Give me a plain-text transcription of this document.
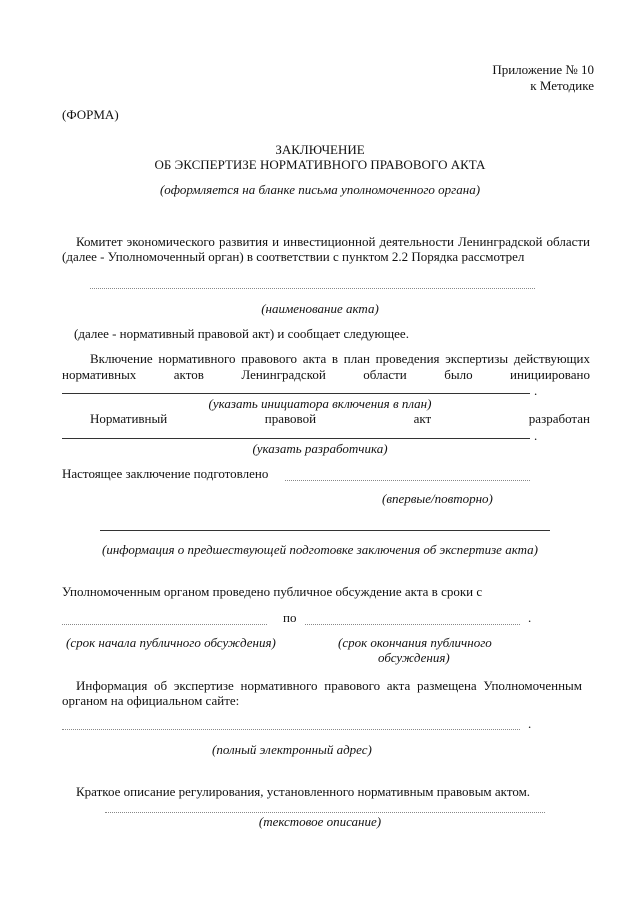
Приложение № 10
к Методике
(ФОРМА)
ЗАКЛЮЧЕНИЕ
ОБ ЭКСПЕРТИЗЕ НОРМАТИВНОГО ПРАВОВОГО АКТА
(оформляется на бланке письма уполномоченного органа)
Комитет экономического развития и инвестиционной деятельности Ленинградской области
(далее - Уполномоченный орган) в соответствии с пунктом 2.2 Порядка рассмотрел
(наименование акта)
(далее - нормативный правовой акт) и сообщает следующее.
Включение нормативного правового акта в план проведения экспертизы действующих
нормативных актов Ленинградской области было инициировано
.
(указать инициатора включения в план)
Нормативный правовой акт разработан
.
(указать разработчика)
Настоящее заключение подготовлено
(впервые/повторно)
(информация о предшествующей подготовке заключения об экспертизе акта)
Уполномоченным органом проведено публичное обсуждение акта в сроки с
по	.
(срок начала публичного обсуждения)	(срок окончания публичного
обсуждения)
Информация об экспертизе нормативного правового акта размещена Уполномоченным
органом на официальном сайте:
.
(полный электронный адрес)
Краткое описание регулирования, установленного нормативным правовым актом.
(текстовое описание)
